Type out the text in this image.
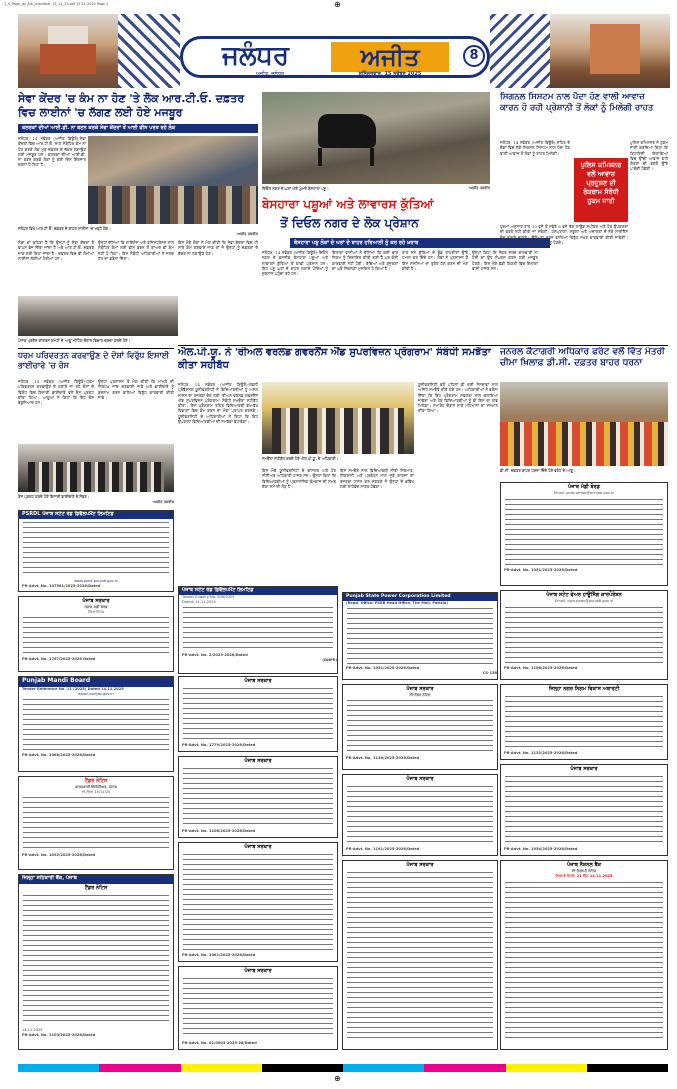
1_0_Page_Jal_Ajit_Jalandhar_15_11_25.pdf 15.11.2025 Page 1	⊕
ਜਲੰਧਰ	ਅਜੀਤ	8
ਅਜੀਤ, ਜਲੰਧਰ	ਸ਼ਨਿੱਚਰਵਾਰ, 15 ਨਵੰਬਰ 2025
ਸੇਵਾ ਕੇਂਦਰ 'ਚ ਕੰਮ ਨਾ ਹੋਣ 'ਤੇ ਲੋਕ ਆਰ.ਟੀ.ਓ. ਦਫ਼ਤਰ ਵਿਚ ਲਾਈਨਾਂ 'ਚ ਲੱਗਣ ਲਈ ਹੋਏ ਮਜਬੂਰ
ਕਲਰਕਾਂ ਦੀਆਂ ਆਈ.ਡੀ. ਨਾ ਬਣਨ ਕਰਕੇ ਸੇਵਾ ਕੇਂਦਰਾਂ ਤੋਂ ਆਈ ਫੀਸ ਪਰਤ ਰਹੇ ਲੋਕ
ਜਲੰਧਰ, 14 ਨਵੰਬਰ (ਅਜੀਤ ਬਿਊਰੋ)-ਸੇਵਾ ਕੇਂਦਰਾਂ ਵਿਚ ਆਰ.ਟੀ.ਓ. ਨਾਲ ਸੰਬੰਧਿਤ ਕੰਮ ਨਾ ਹੋਣ ਕਰਕੇ ਲੋਕ ਮੁੜ ਦਫ਼ਤਰ ਦੇ ਚੱਕਰ ਲਗਾਉਣ ਲਈ ਮਜਬੂਰ ਹਨ। ਕਲਰਕਾਂ ਦੀਆਂ ਆਈ.ਡੀ. ਨਾ ਬਣਨ ਕਰਕੇ ਲੋਕਾਂ ਨੂੰ ਕਈ ਦਿਨ ਇੰਤਜ਼ਾਰ ਕਰਨਾ ਪੈ ਰਿਹਾ ਹੈ।
ਜਲੰਧਰ ਵਿਖੇ ਆਰ.ਟੀ.ਓ. ਦਫ਼ਤਰ ਦੇ ਬਾਹਰ ਲਾਈਨਾਂ 'ਚ ਖੜ੍ਹੇ ਲੋਕ।
-ਅਜੀਤ ਤਸਵੀਰ
ਲੋਕਾਂ ਦਾ ਕਹਿਣਾ ਹੈ ਕਿ ਉਨ੍ਹਾਂ ਨੂੰ ਸੇਵਾ ਕੇਂਦਰਾਂ ਤੋਂ ਵਾਪਸ ਭੇਜ ਦਿੱਤਾ ਜਾਂਦਾ ਹੈ ਅਤੇ ਆਰ.ਟੀ.ਓ. ਦਫ਼ਤਰ ਜਾਣ ਲਈ ਕਿਹਾ ਜਾਂਦਾ ਹੈ। ਦਫ਼ਤਰ ਵਿਚ ਵੀ ਲੰਮੀਆਂ ਲਾਈਨਾਂ ਲੱਗੀਆਂ ਹੋਈਆਂ ਹਨ।
ਉਨ੍ਹਾਂ ਦੱਸਿਆ ਕਿ ਲਾਇਸੰਸ ਅਤੇ ਰਜਿਸਟ੍ਰੇਸ਼ਨ ਨਾਲ ਸੰਬੰਧਿਤ ਕੰਮਾਂ ਲਈ ਫੀਸ ਭਰਨ ਤੋਂ ਬਾਅਦ ਵੀ ਕੰਮ ਨਹੀਂ ਹੋ ਰਿਹਾ। ਇਸ ਸੰਬੰਧੀ ਅਧਿਕਾਰੀਆਂ ਨੇ ਜਲਦ ਹੱਲ ਦਾ ਭਰੋਸਾ ਦਿੱਤਾ।
ਇਸ ਮੌਕੇ ਲੋਕਾਂ ਨੇ ਮੰਗ ਕੀਤੀ ਕਿ ਸੇਵਾ ਕੇਂਦਰਾਂ ਵਿਚ ਹੀ ਸਾਰੇ ਕੰਮ ਕਰਵਾਏ ਜਾਣ ਤਾਂ ਜੋ ਉਨ੍ਹਾਂ ਨੂੰ ਦਫ਼ਤਰਾਂ ਦੇ ਚੱਕਰ ਨਾ ਲਗਾਉਣੇ ਪੈਣ।
ਪੰਜਾਬ ਪ੍ਰਦੇਸ਼ ਕਾਂਗਰਸ ਕਮੇਟੀ ਦੇ ਆਗੂ ਮੀਟਿੰਗ ਦੌਰਾਨ ਵਿਚਾਰ-ਚਰਚਾ ਕਰਦੇ ਹੋਏ।
ਧਰਮ ਪਰਿਵਰਤਨ ਕਰਵਾਉਣ ਦੇ ਦੋਸ਼ਾਂ ਵਿਰੁੱਧ ਇਸਾਈ ਭਾਈਚਾਰੇ 'ਚ ਰੋਸ
ਜਲੰਧਰ, 14 ਨਵੰਬਰ (ਅਜੀਤ ਬਿਊਰੋ)-ਧਰਮ ਪਰਿਵਰਤਨ ਕਰਵਾਉਣ ਦੇ ਲਗਾਏ ਜਾ ਰਹੇ ਦੋਸ਼ਾਂ ਦੇ ਵਿਰੋਧ ਵਿਚ ਇਸਾਈ ਭਾਈਚਾਰੇ ਵਲੋਂ ਰੋਸ ਪ੍ਰਗਟ ਕੀਤਾ ਗਿਆ। ਆਗੂਆਂ ਨੇ ਕਿਹਾ ਕਿ ਇਹ ਦੋਸ਼ ਬੇਬੁਨਿਆਦ ਹਨ।
ਉਨ੍ਹਾਂ ਪ੍ਰਸ਼ਾਸਨ ਤੋਂ ਮੰਗ ਕੀਤੀ ਕਿ ਮਾਮਲੇ ਦੀ ਨਿਰਪੱਖ ਜਾਂਚ ਕਰਵਾਈ ਜਾਵੇ ਅਤੇ ਭਾਈਚਾਰੇ ਨੂੰ ਬਦਨਾਮ ਕਰਨ ਵਾਲਿਆਂ ਵਿਰੁੱਧ ਕਾਰਵਾਈ ਕੀਤੀ ਜਾਵੇ।
ਰੋਸ ਪ੍ਰਗਟ ਕਰਦੇ ਹੋਏ ਇਸਾਈ ਭਾਈਚਾਰੇ ਦੇ ਮੈਂਬਰ।
-ਅਜੀਤ ਤਸਵੀਰ
ਦਿਓਲ ਨਗਰ ਦੇ ਘਰਾਂ ਅੱਗੇ ਘੁੰਮਦੇ ਬੇਸਹਾਰਾ ਪਸ਼ੂ।	-ਅਜੀਤ ਤਸਵੀਰ
ਬੇਸਹਾਰਾ ਪਸ਼ੂਆਂ ਅਤੇ ਲਾਵਾਰਸ ਕੁੱਤਿਆਂ
ਤੋਂ ਦਿਓਲ ਨਗਰ ਦੇ ਲੋਕ ਪ੍ਰੇਸ਼ਾਨ
ਬੇਸਹਾਰਾ ਪਸ਼ੂ ਲੋਕਾਂ ਦੇ ਘਰਾਂ ਦੇ ਬਾਹਰ ਹਰਿਆਲੀ ਨੂੰ ਕਰ ਰਹੇ ਖ਼ਰਾਬ
ਜਲੰਧਰ, 14 ਨਵੰਬਰ (ਅਜੀਤ ਬਿਊਰੋ)-ਦਿਓਲ ਨਗਰ ਦੇ ਵਸਨੀਕ ਬੇਸਹਾਰਾ ਪਸ਼ੂਆਂ ਅਤੇ ਲਾਵਾਰਸ ਕੁੱਤਿਆਂ ਤੋਂ ਕਾਫ਼ੀ ਪ੍ਰੇਸ਼ਾਨ ਹਨ। ਇਹ ਪਸ਼ੂ ਘਰਾਂ ਦੇ ਬਾਹਰ ਲਗਾਏ ਪੌਦਿਆਂ ਨੂੰ ਨੁਕਸਾਨ ਪਹੁੰਚਾ ਰਹੇ ਹਨ।
ਇਲਾਕਾ ਵਾਸੀਆਂ ਨੇ ਦੱਸਿਆ ਕਿ ਕਈ ਵਾਰ ਨਿਗਮ ਨੂੰ ਸ਼ਿਕਾਇਤ ਕੀਤੀ ਗਈ ਹੈ ਪਰ ਕੋਈ ਕਾਰਵਾਈ ਨਹੀਂ ਹੋਈ। ਬੱਚਿਆਂ ਅਤੇ ਬਜ਼ੁਰਗਾਂ ਦਾ ਘਰੋਂ ਨਿਕਲਣਾ ਮੁਸ਼ਕਿਲ ਹੋ ਗਿਆ ਹੈ।
ਰਾਤ ਸਮੇਂ ਕੁੱਤਿਆਂ ਦੇ ਝੁੰਡ ਰਾਹਗੀਰਾਂ ਉੱਤੇ ਹਮਲਾ ਕਰ ਦਿੰਦੇ ਹਨ। ਲੋਕਾਂ ਨੇ ਪ੍ਰਸ਼ਾਸਨ ਤੋਂ ਇਸ ਸਮੱਸਿਆ ਦਾ ਤੁਰੰਤ ਹੱਲ ਕਰਨ ਦੀ ਮੰਗ ਕੀਤੀ ਹੈ।
ਉਨ੍ਹਾਂ ਕਿਹਾ ਕਿ ਜੇਕਰ ਜਲਦ ਕਾਰਵਾਈ ਨਾ ਹੋਈ ਤਾਂ ਉਹ ਸੰਘਰਸ਼ ਕਰਨ ਲਈ ਮਜਬੂਰ ਹੋਣਗੇ। ਇਸ ਮੌਕੇ ਵੱਡੀ ਗਿਣਤੀ ਵਿਚ ਇਲਾਕਾ ਵਾਸੀ ਹਾਜ਼ਰ ਸਨ।
ਸਿਗਨਲ ਸਿਸਟਮ ਨਾਲ ਪੈਦਾ ਹੋਣ ਵਾਲੀ ਆਵਾਜ਼ ਕਾਰਨ ਹੋ ਰਹੀ ਪ੍ਰੇਸ਼ਾਨੀ ਤੋਂ ਲੋਕਾਂ ਨੂੰ ਮਿਲੇਗੀ ਰਾਹਤ
ਜਲੰਧਰ, 14 ਨਵੰਬਰ (ਅਜੀਤ ਬਿਊਰੋ)-ਸ਼ਹਿਰ ਦੇ ਚੌਕਾਂ ਵਿਚ ਲੱਗੇ ਸਿਗਨਲ ਸਿਸਟਮ ਨਾਲ ਪੈਦਾ ਹੋਣ ਵਾਲੀ ਆਵਾਜ਼ ਤੋਂ ਲੋਕਾਂ ਨੂੰ ਰਾਹਤ ਮਿਲੇਗੀ।
ਪੁਲਿਸ ਕਮਿਸ਼ਨਰ ਵਲੋਂ ਆਵਾਜ਼ ਪ੍ਰਦੂਸ਼ਣ ਦੀ ਰੋਕਥਾਮ ਸੰਬੰਧੀ ਹੁਕਮ ਜਾਰੀ
ਪੁਲਿਸ ਕਮਿਸ਼ਨਰ ਨੇ ਹੁਕਮ ਜਾਰੀ ਕਰਦਿਆਂ ਕਿਹਾ ਕਿ ਰਿਹਾਇਸ਼ੀ ਇਲਾਕਿਆਂ ਵਿਚ ਉੱਚੀ ਆਵਾਜ਼ ਵਾਲੇ ਯੰਤਰਾਂ ਦੀ ਵਰਤੋਂ ਉੱਤੇ ਪਾਬੰਦੀ ਹੋਵੇਗੀ।
ਹੁਕਮਾਂ ਅਨੁਸਾਰ ਰਾਤ 10 ਵਜੇ ਤੋਂ ਸਵੇਰੇ 6 ਵਜੇ ਤੱਕ ਲਾਊਡ ਸਪੀਕਰ ਅਤੇ ਹੋਰ ਉਪਕਰਣਾਂ ਦੀ ਵਰਤੋਂ ਨਹੀਂ ਕੀਤੀ ਜਾ ਸਕੇਗੀ। ਹਸਪਤਾਲਾਂ, ਸਕੂਲਾਂ ਅਤੇ ਅਦਾਲਤਾਂ ਦੇ ਨੇੜੇ ਸਾਈਲੈਂਸ ਜ਼ੋਨ ਬਣਾਏ ਜਾਣਗੇ। ਉਲੰਘਣਾ ਕਰਨ ਵਾਲਿਆਂ ਵਿਰੁੱਧ ਸਖ਼ਤ ਕਾਰਵਾਈ ਕੀਤੀ ਜਾਵੇਗੀ। ਇਹ ਹੁਕਮ ਤੁਰੰਤ ਪ੍ਰਭਾਵ ਨਾਲ ਲਾਗੂ ਹੋਣਗੇ।
ਐਲ.ਪੀ.ਯੂ. ਨੇ 'ਰੀਅਲ ਵਰਲਡ ਗਵਰਨੈਂਸ ਐਂਡ ਸੁਪਰਵਿਜ਼ਨ ਪ੍ਰੋਗਰਾਮ' ਸੰਬੰਧੀ ਸਮਝੌਤਾ ਕੀਤਾ ਸਹੀਬੱਧ
ਜਲੰਧਰ, 14 ਨਵੰਬਰ (ਅਜੀਤ ਬਿਊਰੋ)-ਲਵਲੀ ਪ੍ਰੋਫੈਸ਼ਨਲ ਯੂਨੀਵਰਸਿਟੀ ਨੇ ਵਿਦਿਆਰਥੀਆਂ ਨੂੰ ਅਸਲ ਸ਼ਾਸਨ ਦਾ ਤਜਰਬਾ ਦੇਣ ਲਈ 'ਰੀਅਲ ਵਰਲਡ ਗਵਰਨੈਂਸ ਐਂਡ ਸੁਪਰਵਿਜ਼ਨ ਪ੍ਰੋਗਰਾਮ' ਸੰਬੰਧੀ ਸਮਝੌਤਾ ਸਹੀਬੱਧ ਕੀਤਾ। ਇਸ ਪ੍ਰੋਗਰਾਮ ਤਹਿਤ ਵਿਦਿਆਰਥੀ ਵੱਖ-ਵੱਖ ਵਿਭਾਗਾਂ ਵਿਚ ਕੰਮ ਕਰਨ ਦਾ ਮੌਕਾ ਪ੍ਰਾਪਤ ਕਰਨਗੇ। ਯੂਨੀਵਰਸਿਟੀ ਦੇ ਅਧਿਕਾਰੀਆਂ ਨੇ ਕਿਹਾ ਕਿ ਇਹ ਉਪਰਾਲਾ ਵਿਦਿਆਰਥੀਆਂ ਦੀ ਸਮਰੱਥਾ ਵਧਾਵੇਗਾ।
ਸਮਝੌਤਾ ਸਹੀਬੱਧ ਕਰਦੇ ਹੋਏ ਐਲ.ਪੀ.ਯੂ. ਦੇ ਅਧਿਕਾਰੀ।
ਇਸ ਮੌਕੇ ਯੂਨੀਵਰਸਿਟੀ ਦੇ ਚਾਂਸਲਰ ਅਤੇ ਹੋਰ ਸੀਨੀਅਰ ਅਧਿਕਾਰੀ ਹਾਜ਼ਰ ਸਨ। ਉਨ੍ਹਾਂ ਕਿਹਾ ਕਿ ਵਿਦਿਆਰਥੀਆਂ ਨੂੰ ਪ੍ਰਸ਼ਾਸਨਿਕ ਕੰਮਕਾਜ ਦੀ ਸਮਝ ਦੇਣਾ ਸਮੇਂ ਦੀ ਲੋੜ ਹੈ।
ਇਸ ਸਮਝੌਤੇ ਨਾਲ ਵਿਦਿਆਰਥੀ ਨੀਤੀ ਨਿਰਮਾਣ, ਨਿਗਰਾਨੀ ਅਤੇ ਪ੍ਰਬੰਧਨ ਨਾਲ ਜੁੜੇ ਕਾਰਜਾਂ ਦਾ ਤਜਰਬਾ ਹਾਸਲ ਕਰ ਸਕਣਗੇ ਜੋ ਉਨ੍ਹਾਂ ਦੇ ਭਵਿੱਖ ਲਈ ਲਾਹੇਵੰਦ ਸਾਬਤ ਹੋਵੇਗਾ।
ਯੂਨੀਵਰਸਿਟੀ ਵਲੋਂ ਪਹਿਲਾਂ ਵੀ ਕਈ ਸੰਸਥਾਵਾਂ ਨਾਲ ਅਜਿਹੇ ਸਮਝੌਤੇ ਕੀਤੇ ਗਏ ਹਨ। ਅਧਿਕਾਰੀਆਂ ਨੇ ਭਰੋਸਾ ਦਿੱਤਾ ਕਿ ਇਹ ਪ੍ਰੋਗਰਾਮ ਸਫ਼ਲਤਾ ਨਾਲ ਚਲਾਇਆ ਜਾਵੇਗਾ ਅਤੇ ਹੋਰ ਵਿਦਿਆਰਥੀਆਂ ਨੂੰ ਵੀ ਇਸ ਦਾ ਲਾਭ ਮਿਲੇਗਾ। ਸਮਾਰੋਹ ਦੌਰਾਨ ਸਾਰੇ ਮਹਿਮਾਨਾਂ ਦਾ ਸਨਮਾਨ ਕੀਤਾ ਗਿਆ।
ਜਨਰਲ ਕੈਟਾਗਰੀ ਅਧਿਕਾਰ ਫਰੰਟ ਵਲੋਂ ਵਿੱਤ ਮੰਤਰੀ ਚੀਮਾ ਖ਼ਿਲਾਫ਼ ਡੀ.ਸੀ. ਦਫ਼ਤਰ ਬਾਹਰ ਧਰਨਾ
ਡੀ.ਸੀ. ਦਫ਼ਤਰ ਬਾਹਰ ਧਰਨਾ ਦਿੰਦੇ ਹੋਏ ਫਰੰਟ ਦੇ ਆਗੂ।
ਪੰਜਾਬ ਮੰਡੀ ਬੋਰਡ
Email: pmb.senior@punjab.gov.in
PR-Advt. No. 1051/2025-2026/Dated
PSRDL ਪੰਜਾਬ ਸਟੇਟ ਰੋਡ ਡਿਵੈਲਪਮੈਂਟ ਲਿਮਟਿਡ
www.psrdl.punjab.gov.in
PR-Advt. No. 107581/2025-2026/Dated
ਪੰਜਾਬ ਸਟੇਟ ਰੋਡ ਡਿਵੈਲਪਮੈਂਟ ਲਿਮਟਿਡ
Tender Enquiry No. 006/2025
Dated: 11.11.2025
PR-Advt. No. 2/2025-2026/Dated
(DNPR)
Punjab State Power Corporation Limited
(Regd. Office: PSEB Head Office, The Mall, Patiala)
PR-Advt. No. 1051/2025-2026/Dated
CS-158
ਪੰਜਾਬ ਸਟੇਟ ਵੇਅਰ ਹਾਊਸਿੰਗ ਕਾਰਪੋਰੇਸ਼ਨ
Email: cgm.pswc@punjab.gov.in
PR-Advt. No. 1106/2025-2026/Dated
ਪੰਜਾਬ ਸਰਕਾਰ
ਪੰਜਾਬ ਮੰਡੀ ਬੋਰਡ
ਟੈਂਡਰ ਨੋਟਿਸ
PR-Advt. No. 1767/2025-2026 Dated
Punjab Mandi Board
Tender Reference No. 11 (2025) Dated 14.11.2025
eproc.punjab.gov.in
PR-Advt. No. 1068/2025-2026/Dated
ਪੰਜਾਬ ਸਰਕਾਰ
PR-Advt. No. 1779/2025-2026/Dated
ਪੰਜਾਬ ਸਰਕਾਰ
ਈ-ਟੈਂਡਰ ਨੋਟਿਸ
PR-Advt. No. 1136/2025-2026/Dated
ਜਿਲ੍ਹਾ ਨਗਰ ਨਿਗਮ ਵਿਕਾਸ ਅਥਾਰਟੀ
PR-Advt. No. 1133/2025-2026/Dated
ਪੰਜਾਬ ਸਰਕਾਰ
PR-Advt. No. 1106/2025-2026/Dated
ਪੰਜਾਬ ਸਰਕਾਰ
PR-Advt. No. 1191/2025-2026/Dated
ਪੰਜਾਬ ਸਰਕਾਰ
PR-Advt. No. 1054/2025-2026/Dated
ਟੈਂਡਰ ਨੋਟਿਸ
ਕਾਰਜਕਾਰੀ ਇੰਜੀਨੀਅਰ, ਪੰਜਾਬ
ਈ-ਟੈਂਡਰ 14/11/25
PR-Advt. No. 1092/2025-2026/Dated
ਪੰਜਾਬ ਸਰਕਾਰ
PR-Advt. No. 1061/2025-2026/Dated
ਪੰਜਾਬ ਸਰਕਾਰ	ਪੰਜਾਬ ਨੈਸ਼ਨਲ ਬੈਂਕ
ਈ-ਨਿਲਾਮੀ ਨੋਟਿਸ
ਨਿਲਾਮੀ ਮਿਤੀ: 21 ਤਿੰਨ 14.11.2025
ਜਿਲ੍ਹਾ ਸਹਿਕਾਰੀ ਬੈਂਕ, ਪੰਜਾਬ
ਟੈਂਡਰ ਨੋਟਿਸ
14.11.2025
PR-Advt. No. 1103/2025-2026/Dated
ਪੰਜਾਬ ਸਰਕਾਰ
PR-Advt. No. 01/0003-2025-26/Dated
⊕
